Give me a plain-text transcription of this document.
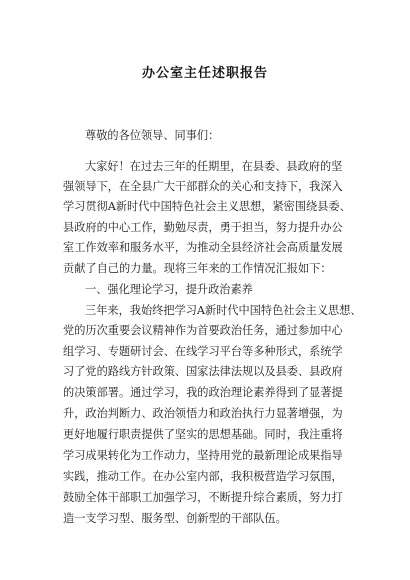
办公室主任述职报告
尊敬的各位领导、同事们：
大家好！在过去三年的任期里，在县委、县政府的坚
强领导下，在全县广大干部群众的关心和支持下，我深入
学习贯彻A新时代中国特色社会主义思想，紧密围绕县委、
县政府的中心工作，勤勉尽责，勇于担当，努力提升办公
室工作效率和服务水平，为推动全县经济社会高质量发展
贡献了自己的力量。现将三年来的工作情况汇报如下：
一、强化理论学习，提升政治素养
三年来，我始终把学习A新时代中国特色社会主义思想、
党的历次重要会议精神作为首要政治任务，通过参加中心
组学习、专题研讨会、在线学习平台等多种形式，系统学
习了党的路线方针政策、国家法律法规以及县委、县政府
的决策部署。通过学习，我的政治理论素养得到了显著提
升，政治判断力、政治领悟力和政治执行力显著增强，为
更好地履行职责提供了坚实的思想基础。同时，我注重将
学习成果转化为工作动力，坚持用党的最新理论成果指导
实践，推动工作。在办公室内部，我积极营造学习氛围，
鼓励全体干部职工加强学习，不断提升综合素质，努力打
造一支学习型、服务型、创新型的干部队伍。
